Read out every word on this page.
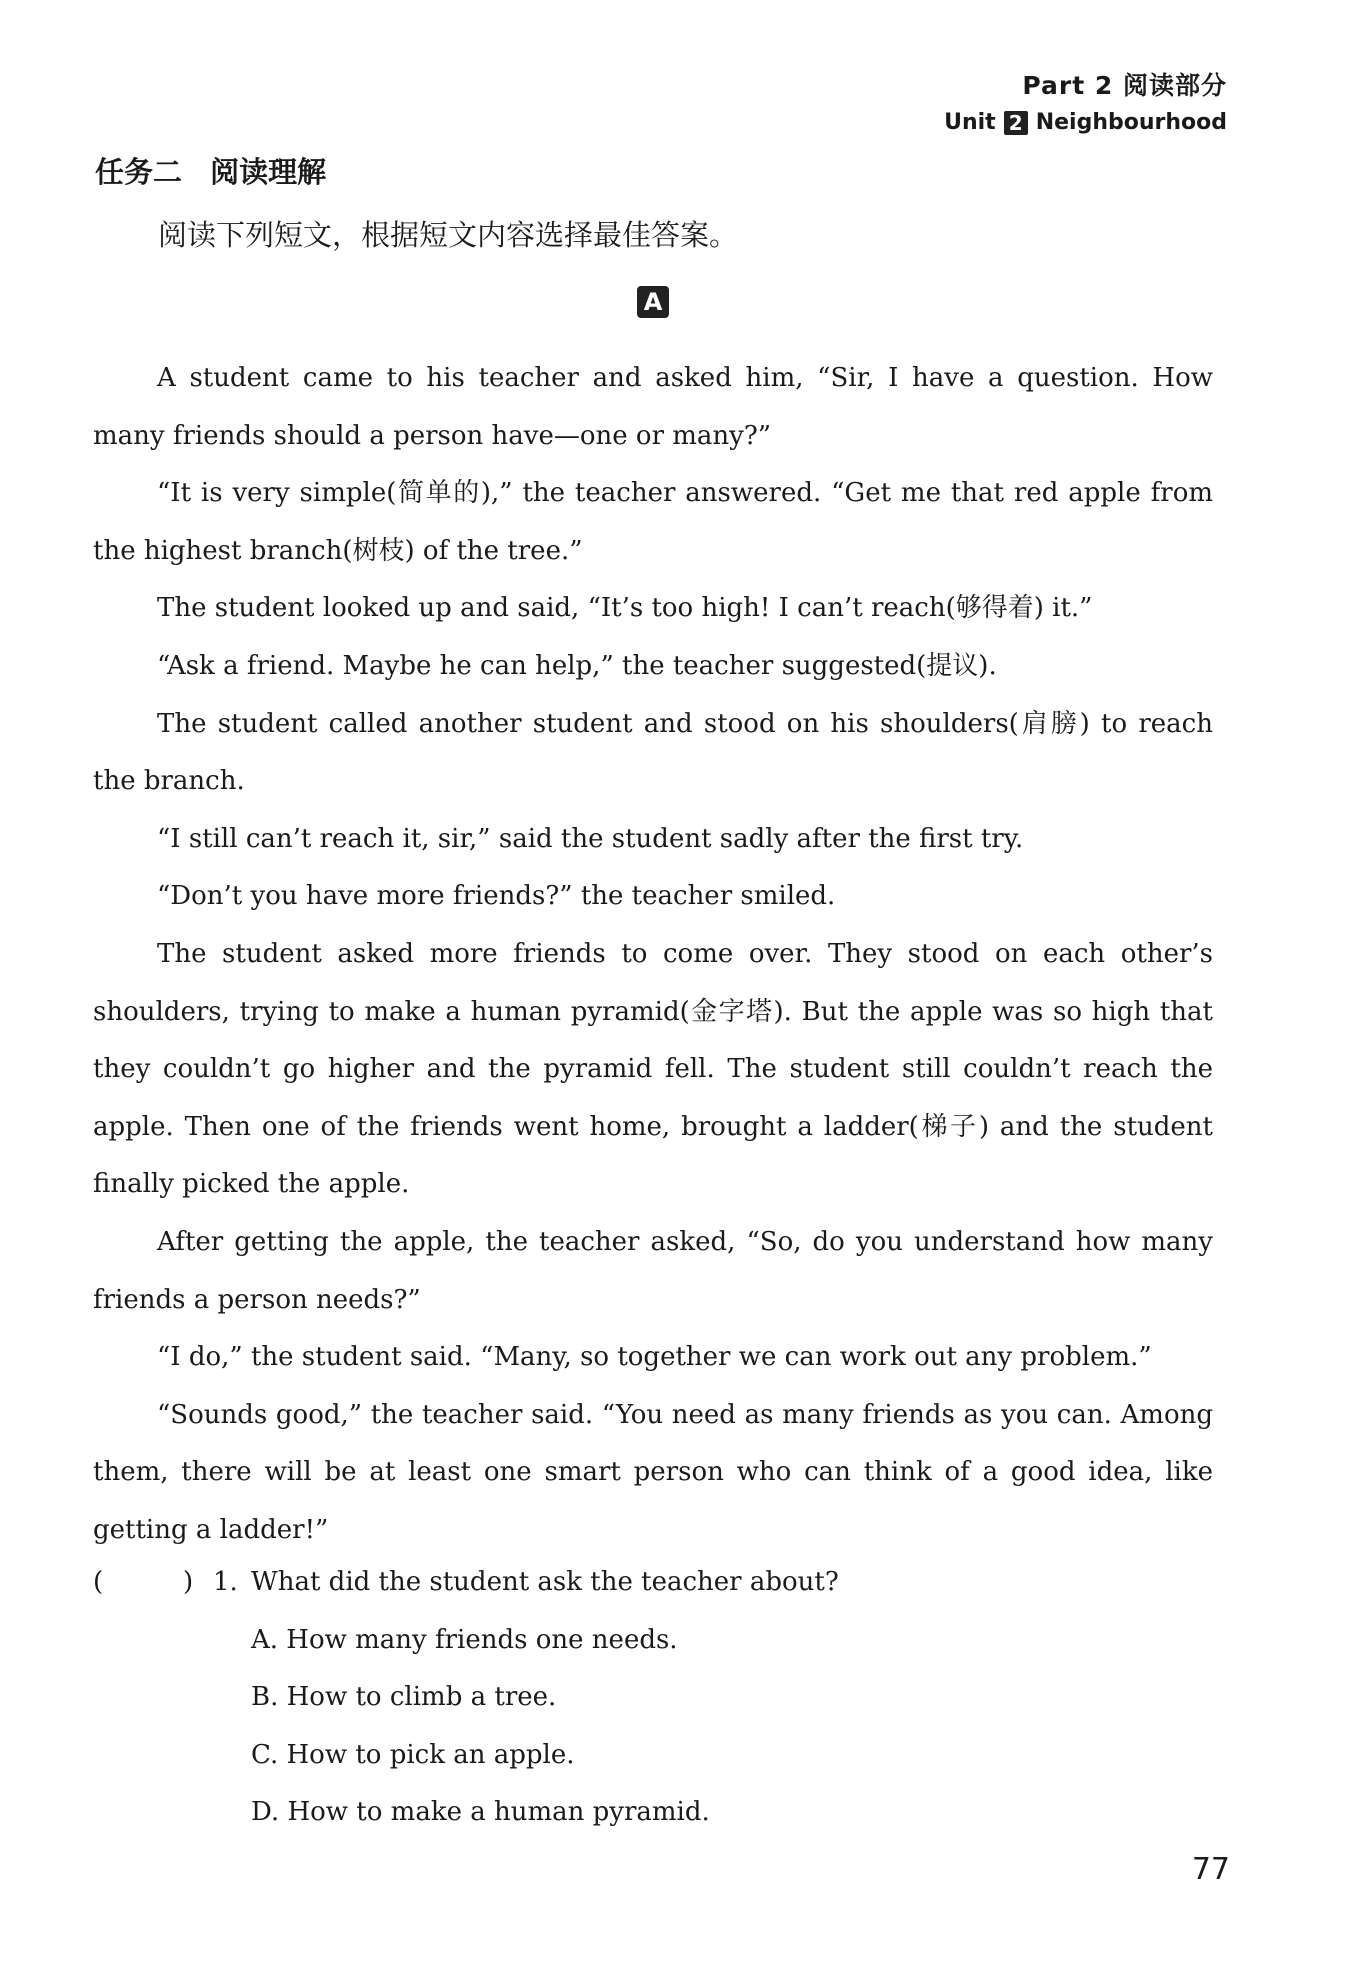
Part 2 阅读部分
Unit 2 Neighbourhood
任务二 阅读理解
阅读下列短文，根据短文内容选择最佳答案。
A

A student came to his teacher and asked him, “Sir, I have a question. How many friends should a person have—one or many?”

“It is very simple(简单的),” the teacher answered. “Get me that red apple from the highest branch(树枝) of the tree.”

The student looked up and said, “It’s too high! I can’t reach(够得着) it.”

“Ask a friend. Maybe he can help,” the teacher suggested(提议).

The student called another student and stood on his shoulders(肩膀) to reach the branch.

“I still can’t reach it, sir,” said the student sadly after the first try.

“Don’t you have more friends?” the teacher smiled.

The student asked more friends to come over. They stood on each other’s shoulders, trying to make a human pyramid(金字塔). But the apple was so high that they couldn’t go higher and the pyramid fell. The student still couldn’t reach the apple. Then one of the friends went home, brought a ladder(梯子) and the student finally picked the apple.

After getting the apple, the teacher asked, “So, do you understand how many friends a person needs?”

“I do,” the student said. “Many, so together we can work out any problem.”

“Sounds good,” the teacher said. “You need as many friends as you can. Among them, there will be at least one smart person who can think of a good idea, like getting a ladder!”

(	) 1. What did the student ask the teacher about?
A. How many friends one needs.
B. How to climb a tree.
C. How to pick an apple.
D. How to make a human pyramid.
77
